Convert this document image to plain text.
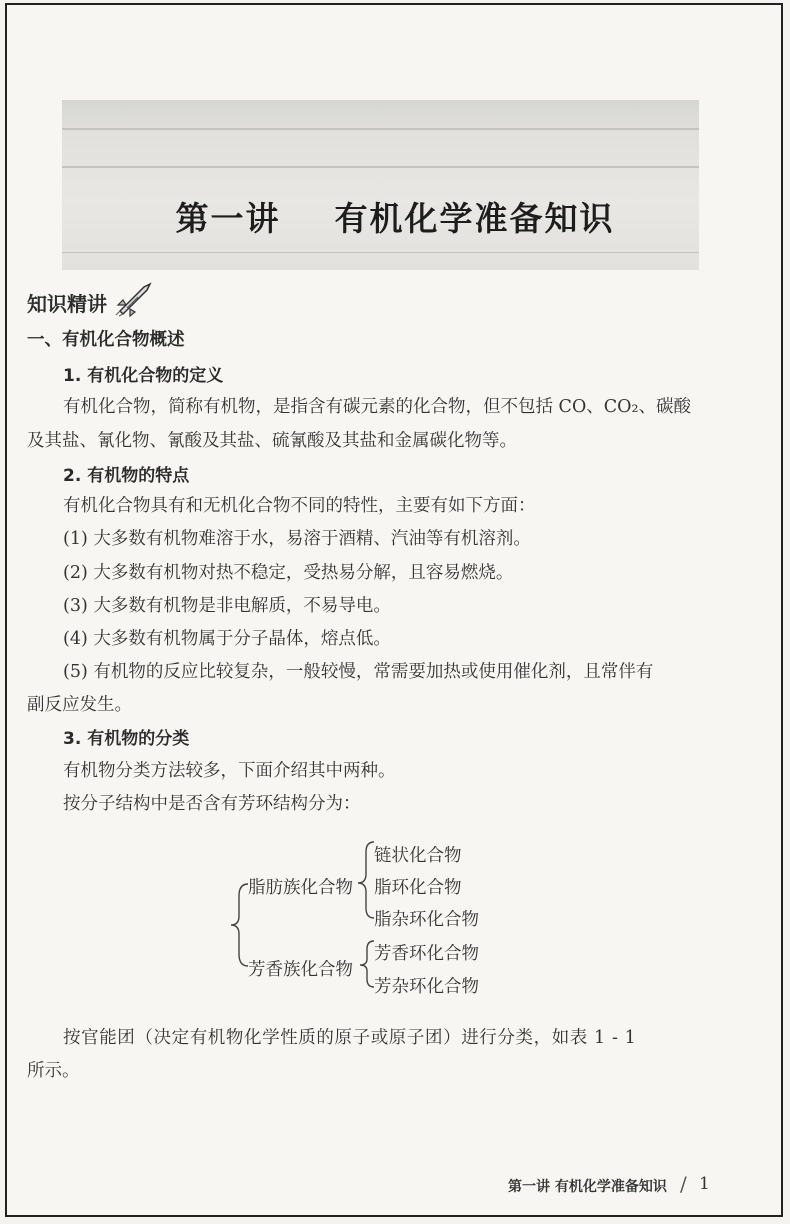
第一讲    有机化学准备知识
知识精讲
一、有机化合物概述
1. 有机化合物的定义
有机化合物，简称有机物，是指含有碳元素的化合物，但不包括 CO、CO₂、碳酸
及其盐、氰化物、氰酸及其盐、硫氰酸及其盐和金属碳化物等。
2. 有机物的特点
有机化合物具有和无机化合物不同的特性，主要有如下方面：
(1) 大多数有机物难溶于水，易溶于酒精、汽油等有机溶剂。
(2) 大多数有机物对热不稳定，受热易分解，且容易燃烧。
(3) 大多数有机物是非电解质，不易导电。
(4) 大多数有机物属于分子晶体，熔点低。
(5) 有机物的反应比较复杂，一般较慢，常需要加热或使用催化剂，且常伴有
副反应发生。
3. 有机物的分类
有机物分类方法较多，下面介绍其中两种。
按分子结构中是否含有芳环结构分为：
脂肪族化合物
链状化合物
脂环化合物
脂杂环化合物
芳香族化合物
芳香环化合物
芳杂环化合物
按官能团（决定有机物化学性质的原子或原子团）进行分类，如表 1 - 1
所示。
第一讲 有机化学准备知识 / 1
